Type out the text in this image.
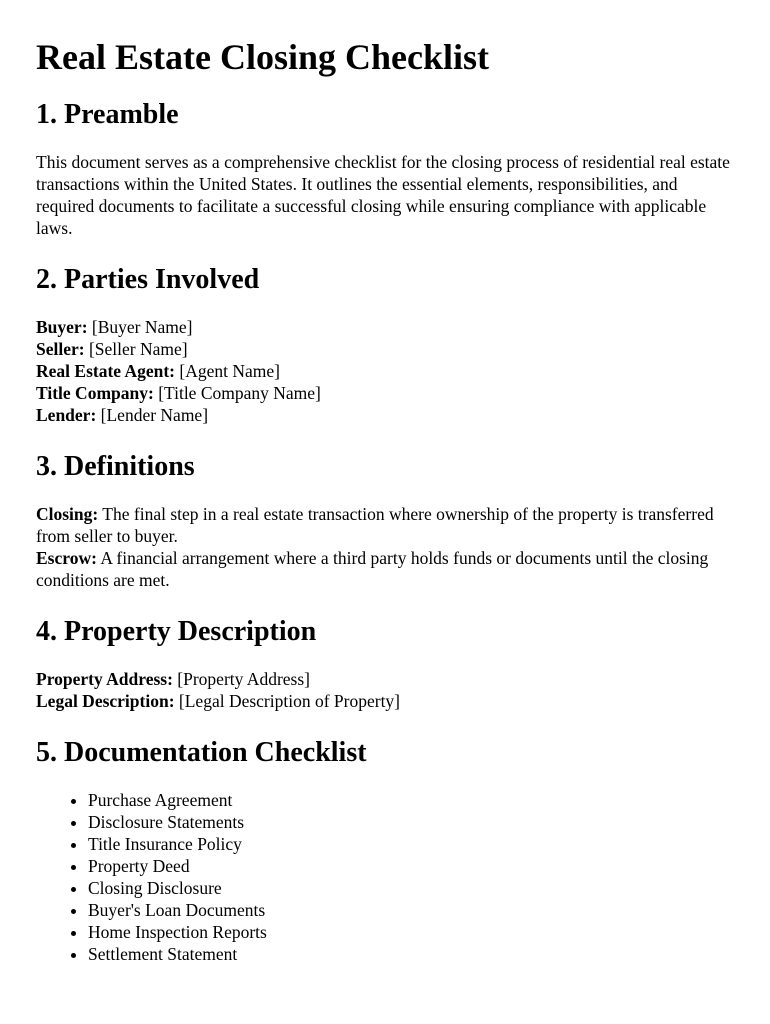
Real Estate Closing Checklist
1. Preamble

This document serves as a comprehensive checklist for the closing process of residential real estate transactions within the United States. It outlines the essential elements, responsibilities, and required documents to facilitate a successful closing while ensuring compliance with applicable laws.

2. Parties Involved
Buyer: [Buyer Name]
Seller: [Seller Name]
Real Estate Agent: [Agent Name]
Title Company: [Title Company Name]
Lender: [Lender Name]
3. Definitions
Closing: The final step in a real estate transaction where ownership of the property is transferred from seller to buyer.
Escrow: A financial arrangement where a third party holds funds or documents until the closing conditions are met.
4. Property Description
Property Address: [Property Address]
Legal Description: [Legal Description of Property]
5. Documentation Checklist
• Purchase Agreement
• Disclosure Statements
• Title Insurance Policy
• Property Deed
• Closing Disclosure
• Buyer's Loan Documents
• Home Inspection Reports
• Settlement Statement
